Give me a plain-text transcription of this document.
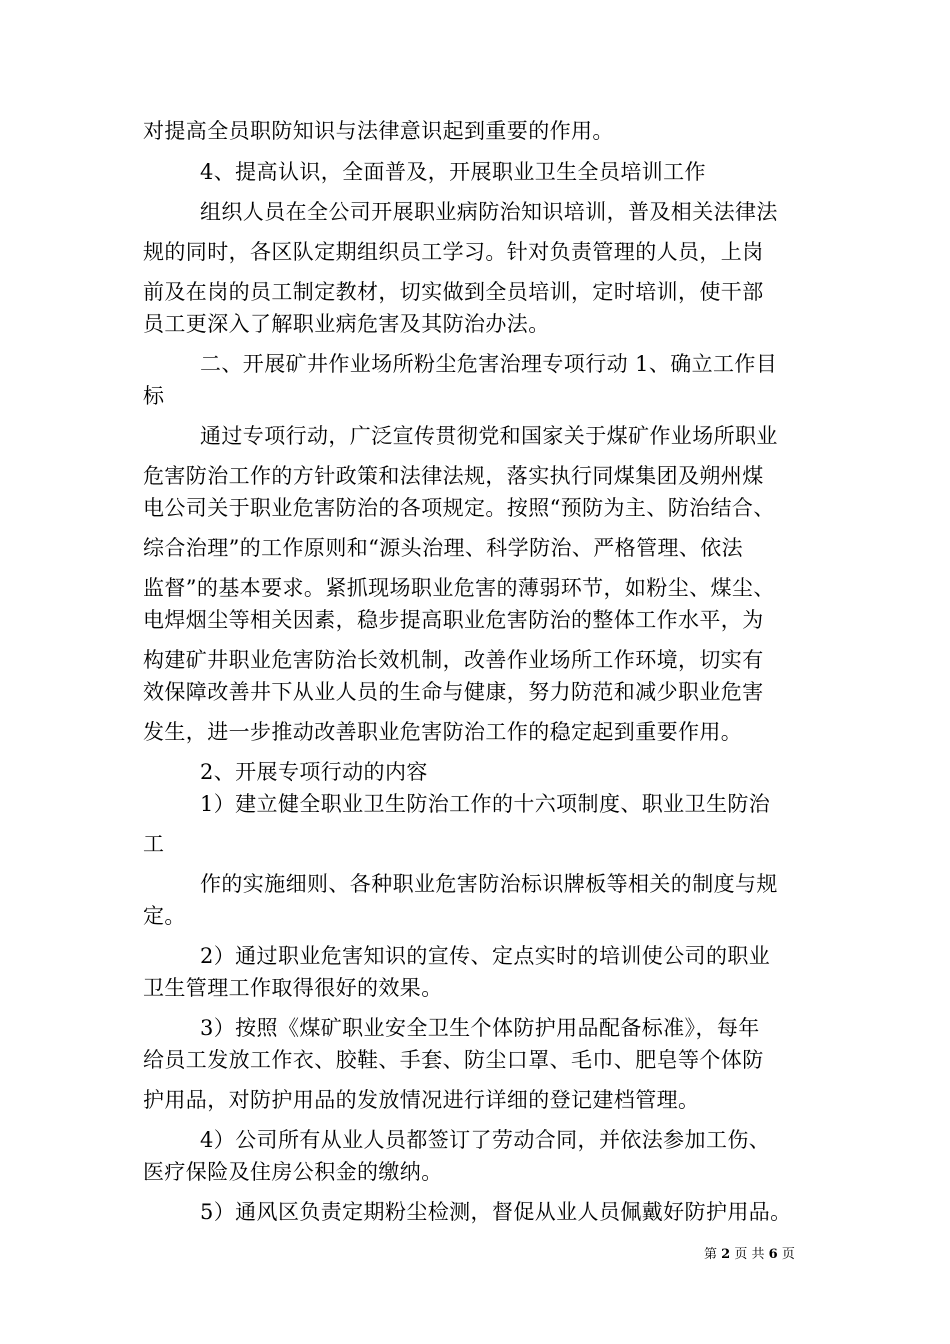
对提高全员职防知识与法律意识起到重要的作用。
4、提高认识，全面普及，开展职业卫生全员培训工作
组织人员在全公司开展职业病防治知识培训，普及相关法律法
规的同时，各区队定期组织员工学习。针对负责管理的人员，上岗
前及在岗的员工制定教材，切实做到全员培训，定时培训，使干部
员工更深入了解职业病危害及其防治办法。
二、开展矿井作业场所粉尘危害治理专项行动 1、确立工作目
标
通过专项行动，广泛宣传贯彻党和国家关于煤矿作业场所职业
危害防治工作的方针政策和法律法规，落实执行同煤集团及朔州煤
电公司关于职业危害防治的各项规定。按照“预防为主、防治结合、
综合治理”的工作原则和“源头治理、科学防治、严格管理、依法
监督”的基本要求。紧抓现场职业危害的薄弱环节，如粉尘、煤尘、
电焊烟尘等相关因素，稳步提高职业危害防治的整体工作水平，为
构建矿井职业危害防治长效机制，改善作业场所工作环境，切实有
效保障改善井下从业人员的生命与健康，努力防范和减少职业危害
发生，进一步推动改善职业危害防治工作的稳定起到重要作用。
2、开展专项行动的内容
1）建立健全职业卫生防治工作的十六项制度、职业卫生防治
工
作的实施细则、各种职业危害防治标识牌板等相关的制度与规
定。
2）通过职业危害知识的宣传、定点实时的培训使公司的职业
卫生管理工作取得很好的效果。
3）按照《煤矿职业安全卫生个体防护用品配备标准》，每年
给员工发放工作衣、胶鞋、手套、防尘口罩、毛巾、肥皂等个体防
护用品，对防护用品的发放情况进行详细的登记建档管理。
4）公司所有从业人员都签订了劳动合同，并依法参加工伤、
医疗保险及住房公积金的缴纳。
5）通风区负责定期粉尘检测，督促从业人员佩戴好防护用品。
第 2 页 共 6 页
